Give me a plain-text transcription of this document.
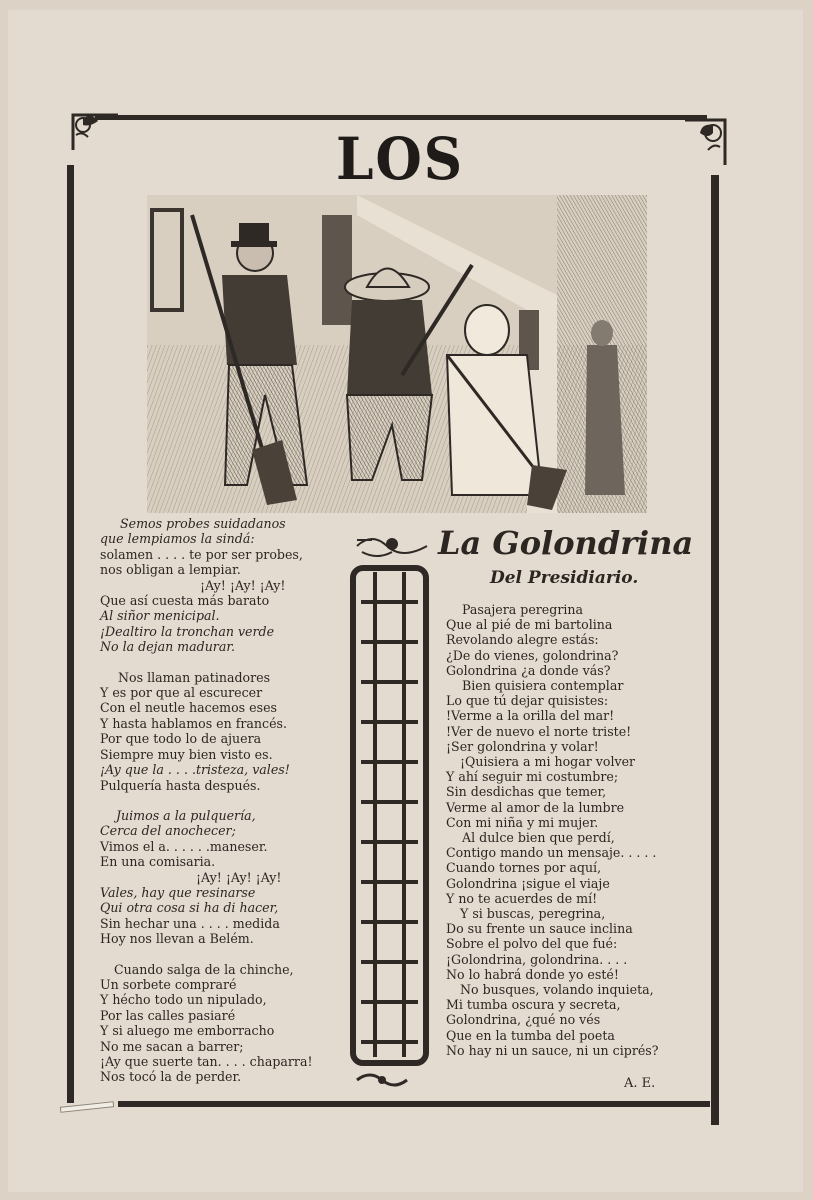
LOS
Semos probes suidadanos
que lempiamos la sindá:
solamen . . . . te por ser probes,
nos obligan a lempiar.
¡Ay! ¡Ay! ¡Ay!
Que así cuesta más barato
Al siñor menicipal.
¡Dealtiro la tronchan verde
No la dejan madurar.
Nos llaman patinadores
Y es por que al escurecer
Con el neutle hacemos eses
Y hasta hablamos en francés.
Por que todo lo de ajuera
Siempre muy bien visto es.
¡Ay que la . . . .tristeza, vales!
Pulquería hasta después.
Juimos a la pulquería,
Cerca del anochecer;
Vimos el a. . . . . .maneser.
En una comisaria.
¡Ay! ¡Ay! ¡Ay!
Vales, hay que resinarse
Qui otra cosa si ha di hacer,
Sin hechar una . . . . medida
Hoy nos llevan a Belém.
Cuando salga de la chinche,
Un sorbete compraré
Y hécho todo un nipulado,
Por las calles pasiaré
Y si aluego me emborracho
No me sacan a barrer;
¡Ay que suerte tan. . . . chaparra!
Nos tocó la de perder.
La Golondrina
Del Presidiario.
Pasajera peregrina
Que al pié de mi bartolina
Revolando alegre estás:
¿De do vienes, golondrina?
Golondrina ¿a donde vás?
Bien quisiera contemplar
Lo que tú dejar quisistes:
!Verme a la orilla del mar!
!Ver de nuevo el norte triste!
¡Ser golondrina y volar!
¡Quisiera a mi hogar volver
Y ahí seguir mi costumbre;
Sin desdichas que temer,
Verme al amor de la lumbre
Con mi niña y mi mujer.
Al dulce bien que perdí,
Contigo mando un mensaje. . . . .
Cuando tornes por aquí,
Golondrina ¡sigue el viaje
Y no te acuerdes de mí!
Y si buscas, peregrina,
Do su frente un sauce inclina
Sobre el polvo del que fué:
¡Golondrina, golondrina. . . .
No lo habrá donde yo esté!
No busques, volando inquieta,
Mi tumba oscura y secreta,
Golondrina, ¿qué no vés
Que en la tumba del poeta
No hay ni un sauce, ni un ciprés?
A. E.
